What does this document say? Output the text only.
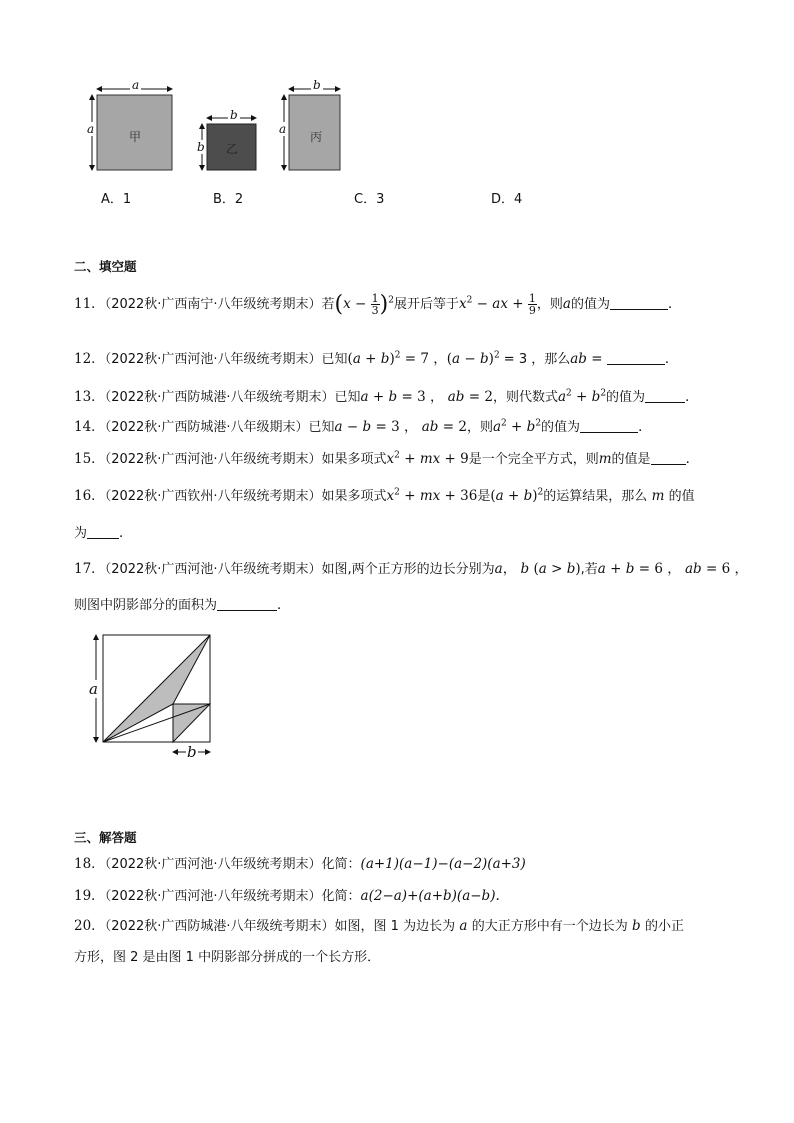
a
a
甲
b
b 乙
b
a
丙
A．1	B．2	C．3	D．4
二、填空题
11．（2022秋·广西南宁·八年级统考期末）若$(x - \frac{1}{3} )^2$展开后等于$x^2$ − ax + $\frac{1}{9}$ ，则a的值为	．
12．（2022秋·广西河池·八年级统考期末）已知$(a + b)^2 = 7$ ，$(a - b)^2 = 3$ ，那么ab =	．
13．（2022秋·广西防城港·八年级统考期末）已知a + b = 3 ， ab = 2，则代数式$a^2 + b^2$的值为	．
14．（2022秋·广西防城港·八年级期末）已知a − b = 3 ， ab = 2，则$a^2 + b^2$的值为	．
15．（2022秋·广西河池·八年级统考期末）如果多项式$x^2$ + mx + 9是一个完全平方式，则m的值是	．
16．（2022秋·广西钦州·八年级统考期末）如果多项式$x^2$ + mx + 36是$(a + b)^2$的运算结果，那么 m 的值
为 ．
17．（2022秋·广西河池·八年级统考期末）如图,两个正方形的边长分别为a， b (a > b),若a + b = 6 ， ab = 6 ，
则图中阴影部分的面积为	．
a
b
三、解答题
18．（2022秋·广西河池·八年级统考期末）化简：(a+1)(a−1)−(a−2)(a+3)
19．（2022秋·广西河池·八年级统考期末）化简：a(2−a)+(a+b)(a−b).
20．（2022秋·广西防城港·八年级统考期末）如图，图 1 为边长为 a 的大正方形中有一个边长为 b 的小正
方形，图 2 是由图 1 中阴影部分拼成的一个长方形．
